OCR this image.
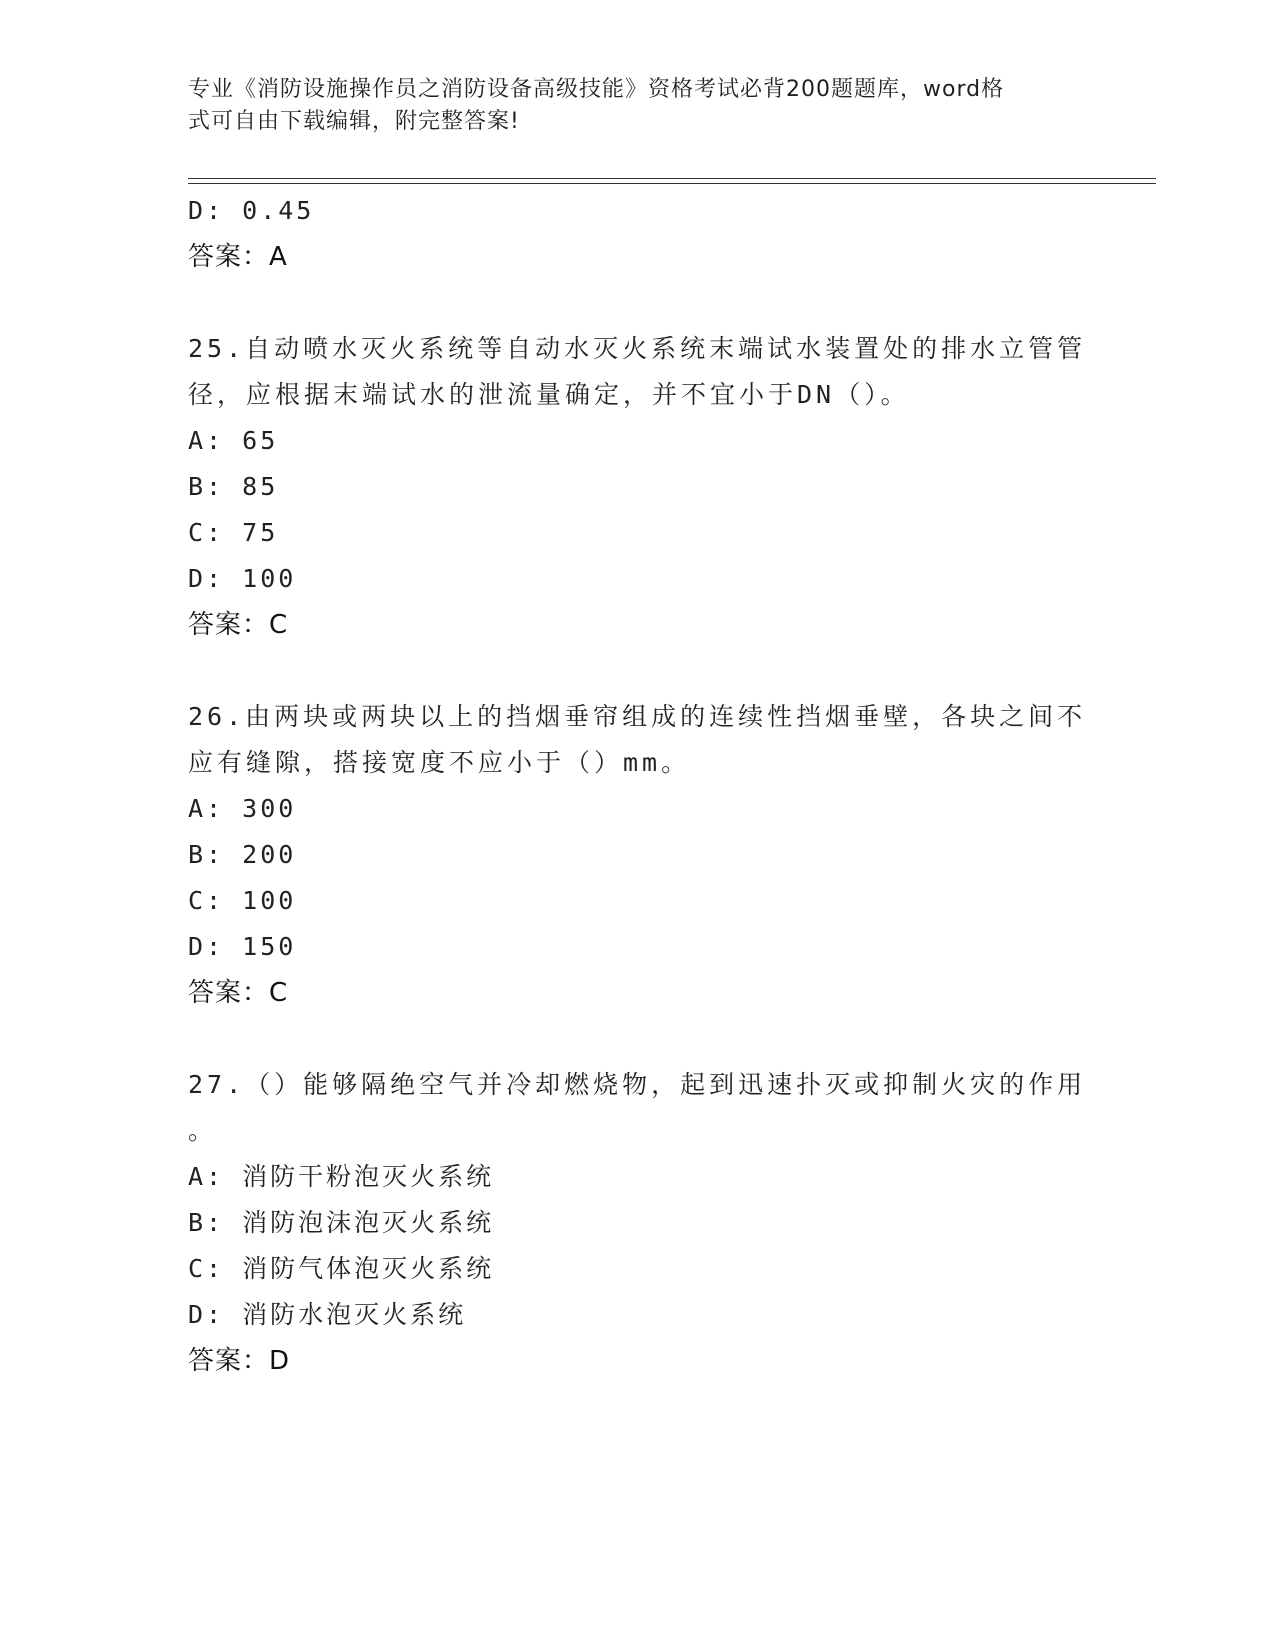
专业《消防设施操作员之消防设备高级技能》资格考试必背200题题库，word格
式可自由下载编辑，附完整答案!
D: 0.45
答案：A
25.自动喷水灭火系统等自动水灭火系统末端试水装置处的排水立管管
径，应根据末端试水的泄流量确定，并不宜小于DN（）。
A: 65
B: 85
C: 75
D: 100
答案：C
26.由两块或两块以上的挡烟垂帘组成的连续性挡烟垂壁，各块之间不
应有缝隙，搭接宽度不应小于（）mm。
A: 300
B: 200
C: 100
D: 150
答案：C
27.（）能够隔绝空气并冷却燃烧物，起到迅速扑灭或抑制火灾的作用
。
A: 消防干粉泡灭火系统
B: 消防泡沫泡灭火系统
C: 消防气体泡灭火系统
D: 消防水泡灭火系统
答案：D
